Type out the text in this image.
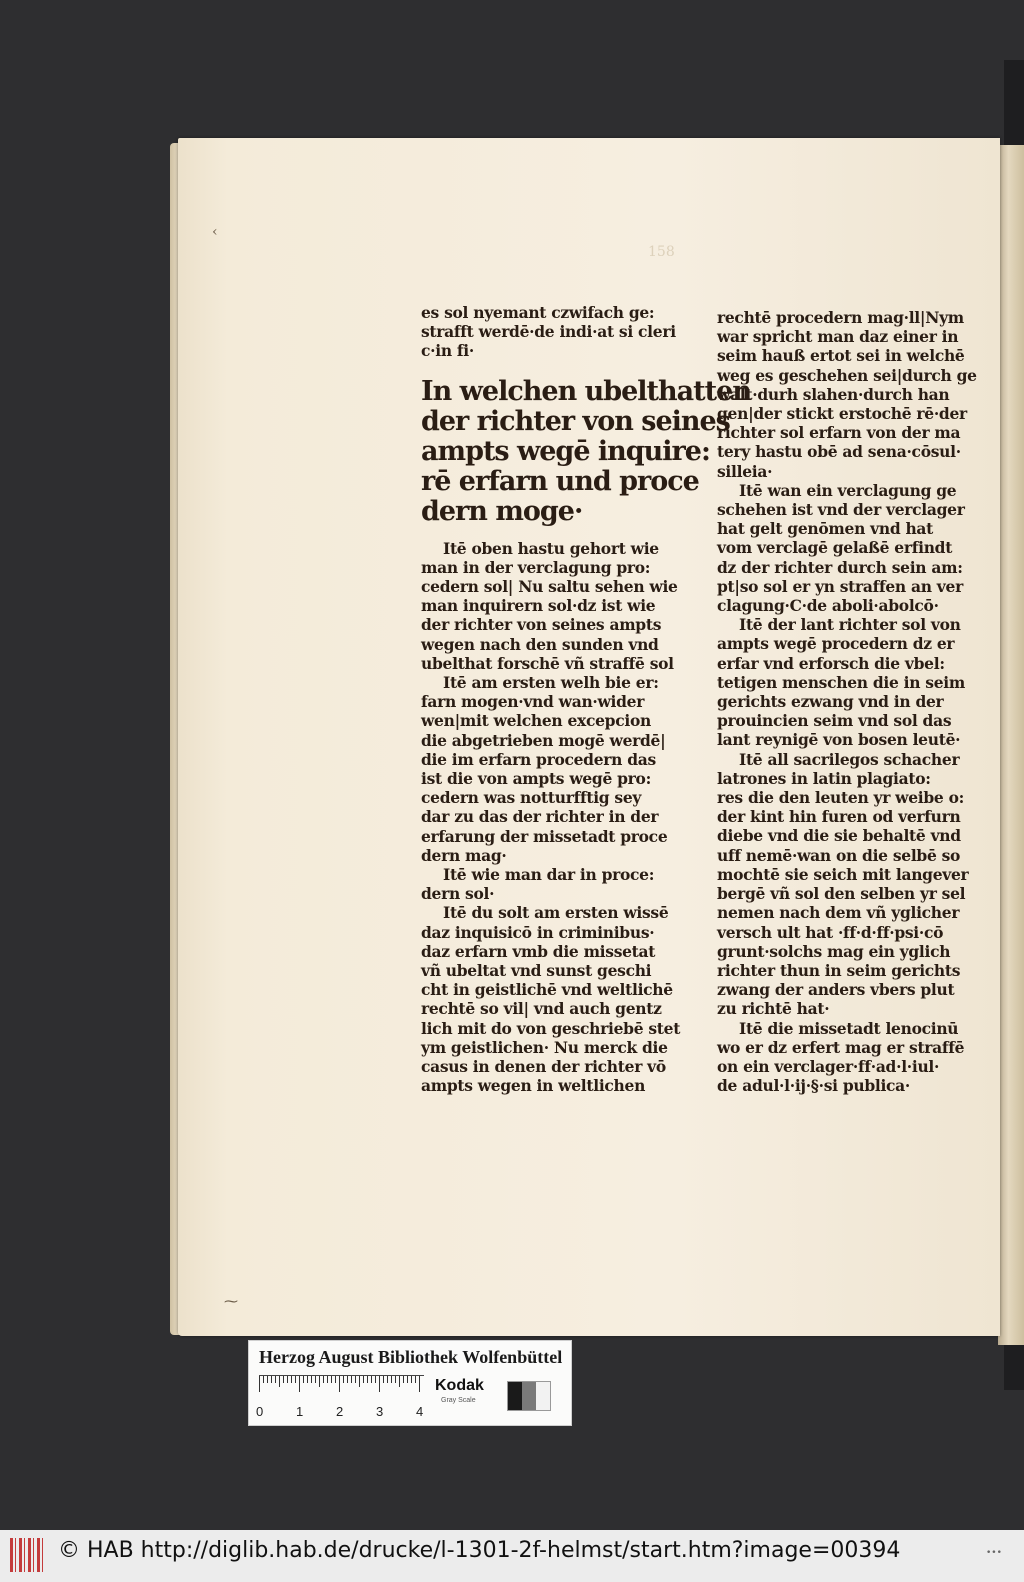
158
‹
⁓
es sol nyemant czwifach ge:
strafft werdē·de indi·at si cleri
c·in fi·
In welchen ubelthatten
der richter von seines
ampts wegē inquire:
rē erfarn und proce
dern moge·
Itē oben hastu gehort wie
man in der verclagung pro:
cedern sol| Nu saltu sehen wie
man inquirern sol·dz ist wie
der richter von seines ampts
wegen nach den sunden vnd
ubelthat forschē vñ straffē sol
Itē am ersten welh bie er:
farn mogen·vnd wan·wider
wen|mit welchen excepcion
die abgetrieben mogē werdē|
die im erfarn procedern das
ist die von ampts wegē pro:
cedern was notturfftig sey
dar zu das der richter in der
erfarung der missetadt proce
dern mag·
Itē wie man dar in proce:
dern sol·
Itē du solt am ersten wissē
daz inquisicō in criminibus·
daz erfarn vmb die missetat
vñ ubeltat vnd sunst geschi
cht in geistlichē vnd weltlichē
rechtē so vil| vnd auch gentz
lich mit do von geschriebē stet
ym geistlichen· Nu merck die
casus in denen der richter vō
ampts wegen in weltlichen
rechtē procedern mag·ll|Nym
war spricht man daz einer in
seim hauß ertot sei in welchē
weg es geschehen sei|durch ge
walt·durh slahen·durch han
gen|der stickt erstochē rē·der
richter sol erfarn von der ma
tery hastu obē ad sena·cōsul·
silleia·
Itē wan ein verclagung ge
schehen ist vnd der verclager
hat gelt genōmen vnd hat
vom verclagē gelaßē erfindt
dz der richter durch sein am:
pt|so sol er yn straffen an ver
clagung·C·de aboli·abolcō·
Itē der lant richter sol von
ampts wegē procedern dz er
erfar vnd erforsch die vbel:
tetigen menschen die in seim
gerichts ezwang vnd in der
prouincien seim vnd sol das
lant reynigē von bosen leutē·
Itē all sacrilegos schacher
latrones in latin plagiato:
res die den leuten yr weibe o:
der kint hin furen od verfurn
diebe vnd die sie behaltē vnd
uff nemē·wan on die selbē so
mochtē sie seich mit langever
bergē vñ sol den selben yr sel
nemen nach dem vñ yglicher
versch ult hat ·ff·d·ff·psi·cō
grunt·solchs mag ein yglich
richter thun in seim gerichts
zwang der anders vbers plut
zu richtē hat·
Itē die missetadt lenocinū
wo er dz erfert mag er straffē
on ein verclager·ff·ad·l·iul·
de adul·l·ij·§·si publica·
Herzog August Bibliothek Wolfenbüttel
0	1	2	3	4
Kodak
Gray Scale
© HAB http://diglib.hab.de/drucke/l-1301-2f-helmst/start.htm?image=00394	•••
